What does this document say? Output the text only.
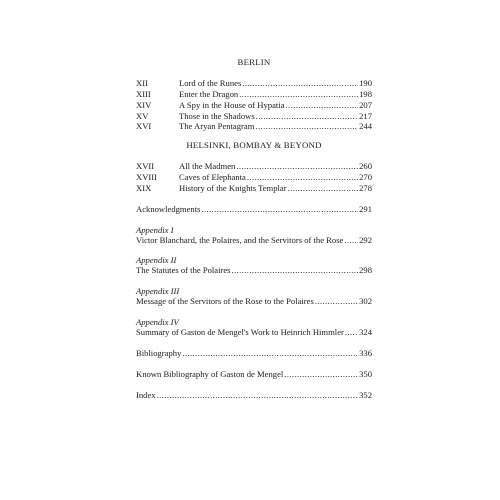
BERLIN
XII	Lord of the Runes .....	190
XIII	Enter the Dragon .....	198
XIV	A Spy in the House of Hypatia .....	207
XV	Those in the Shadows .....	217
XVI	The Aryan Pentagram .....	244
HELSINKI, BOMBAY & BEYOND
XVII	All the Madmen .....	260
XVIII	Caves of Elephanta .....	270
XIX	History of the Knights Templar .....	278
Acknowledgments .....	291
Appendix I
Victor Blanchard, the Polaires, and the Servitors of the Rose ..... 292
Appendix II
The Statutes of the Polaires .....	298
Appendix III
Message of the Servitors of the Rose to the Polaires .....	302
Appendix IV
Summary of Gaston de Mengel's Work to Heinrich Himmler ..... 324
Bibliography .....	336
Known Bibliography of Gaston de Mengel .....	350
Index .....	352
